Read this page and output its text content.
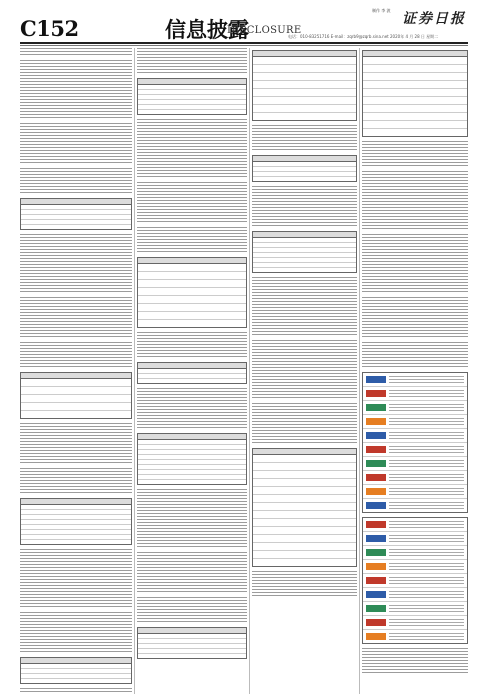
C152	信息披露
DISCLOSURE
制作 李 波
证券日报
电话：010-83251716 E-mail：zqrb9@zqrb.sina.net 2020年 4 月 28 日 星期二
